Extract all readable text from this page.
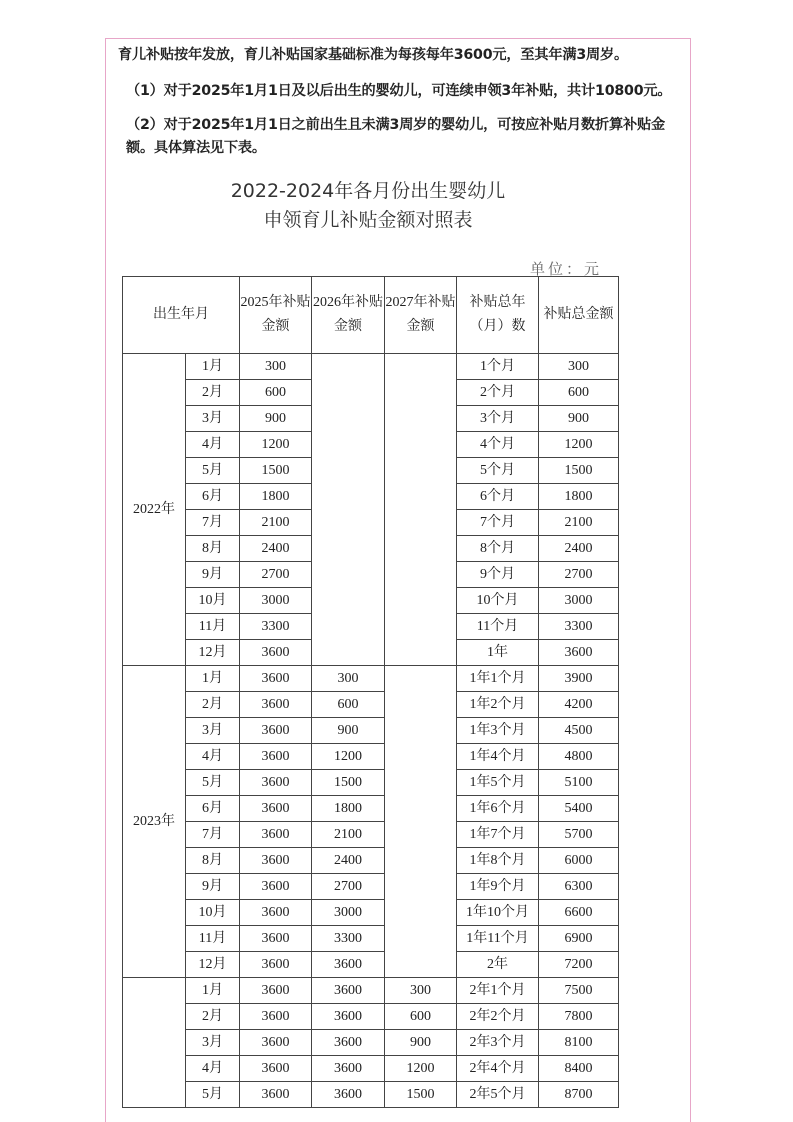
育儿补贴按年发放，育儿补贴国家基础标准为每孩每年3600元，至其年满3周岁。

（1）对于2025年1月1日及以后出生的婴幼儿，可连续申领3年补贴，共计10800元。

（2）对于2025年1月1日之前出生且未满3周岁的婴幼儿，可按应补贴月数折算补贴金额。具体算法见下表。

2022-2024年各月份出生婴幼儿
申领育儿补贴金额对照表
单位：元
出生年月		2025年补贴金额	2026年补贴金额	2027年补贴金额	补贴总年（月）数	补贴总金额
2022年	1月	300			1个月	300
	2月	600			2个月	600
	3月	900			3个月	900
	4月	1200			4个月	1200
	5月	1500			5个月	1500
	6月	1800			6个月	1800
	7月	2100			7个月	2100
	8月	2400			8个月	2400
	9月	2700			9个月	2700
	10月	3000			10个月	3000
	11月	3300			11个月	3300
	12月	3600			1年	3600
2023年	1月	3600	300		1年1个月	3900
	2月	3600	600		1年2个月	4200
	3月	3600	900		1年3个月	4500
	4月	3600	1200		1年4个月	4800
	5月	3600	1500		1年5个月	5100
	6月	3600	1800		1年6个月	5400
	7月	3600	2100		1年7个月	5700
	8月	3600	2400		1年8个月	6000
	9月	3600	2700		1年9个月	6300
	10月	3600	3000		1年10个月	6600
	11月	3600	3300		1年11个月	6900
	12月	3600	3600		2年	7200
	1月	3600	3600	300	2年1个月	7500
	2月	3600	3600	600	2年2个月	7800
	3月	3600	3600	900	2年3个月	8100
	4月	3600	3600	1200	2年4个月	8400
	5月	3600	3600	1500	2年5个月	8700
